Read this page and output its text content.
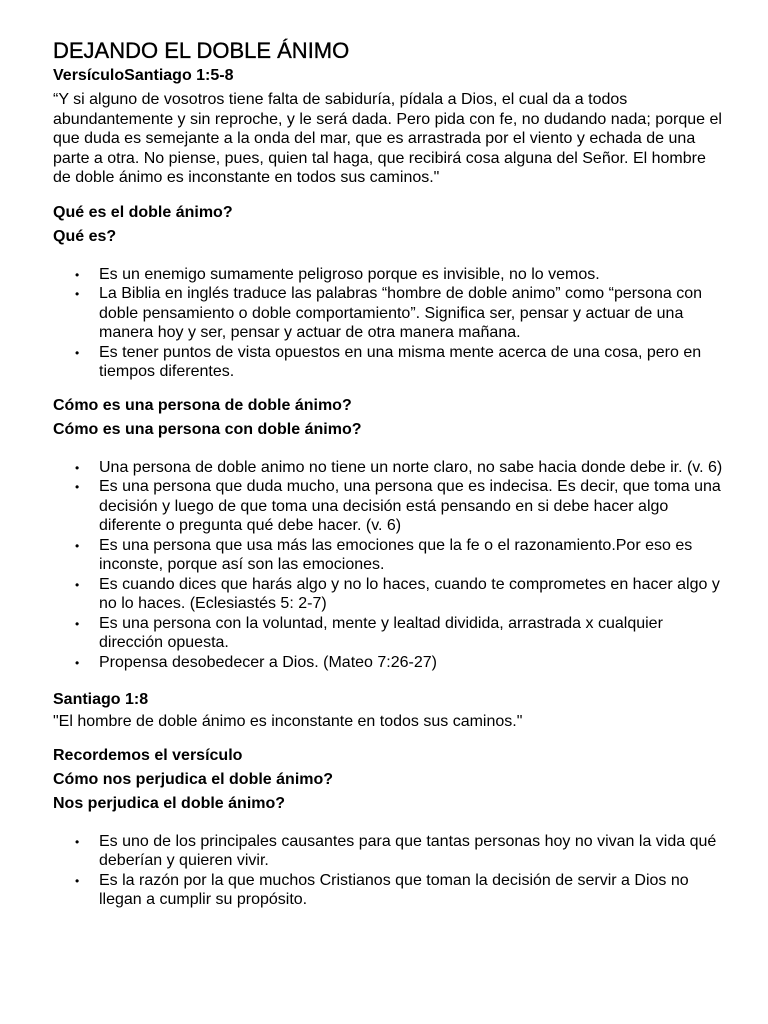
DEJANDO EL DOBLE ÁNIMO

VersículoSantiago 1:5-8

“Y si alguno de vosotros tiene falta de sabiduría, pídala a Dios, el cual da a todos abundantemente y sin reproche, y le será dada. Pero pida con fe, no dudando nada; porque el que duda es semejante a la onda del mar, que es arrastrada por el viento y echada de una parte a otra. No piense, pues, quien tal haga, que recibirá cosa alguna del Señor. El hombre de doble ánimo es inconstante en todos sus caminos."

Qué es el doble ánimo?

Qué es?

• Es un enemigo sumamente peligroso porque es invisible, no lo vemos.
• La Biblia en inglés traduce las palabras “hombre de doble animo” como “persona con doble pensamiento o doble comportamiento”. Significa ser, pensar y actuar de una manera hoy y ser, pensar y actuar de otra manera mañana.
• Es tener puntos de vista opuestos en una misma mente acerca de una cosa, pero en tiempos diferentes.

Cómo es una persona de doble ánimo?

Cómo es una persona con doble ánimo?

• Una persona de doble animo no tiene un norte claro, no sabe hacia donde debe ir. (v. 6)
• Es una persona que duda mucho, una persona que es indecisa. Es decir, que toma una decisión y luego de que toma una decisión está pensando en si debe hacer algo diferente o pregunta qué debe hacer. (v. 6)
• Es una persona que usa más las emociones que la fe o el razonamiento.Por eso es inconste, porque así son las emociones.
• Es cuando dices que harás algo y no lo haces, cuando te comprometes en hacer algo y no lo haces. (Eclesiastés 5: 2-7)
• Es una persona con la voluntad, mente y lealtad dividida, arrastrada x cualquier dirección opuesta.
• Propensa desobedecer a Dios. (Mateo 7:26-27)

Santiago 1:8

"El hombre de doble ánimo es inconstante en todos sus caminos."

Recordemos el versículo

Cómo nos perjudica el doble ánimo?

Nos perjudica el doble ánimo?

• Es uno de los principales causantes para que tantas personas hoy no vivan la vida qué deberían y quieren vivir.
• Es la razón por la que muchos Cristianos que toman la decisión de servir a Dios no llegan a cumplir su propósito.
